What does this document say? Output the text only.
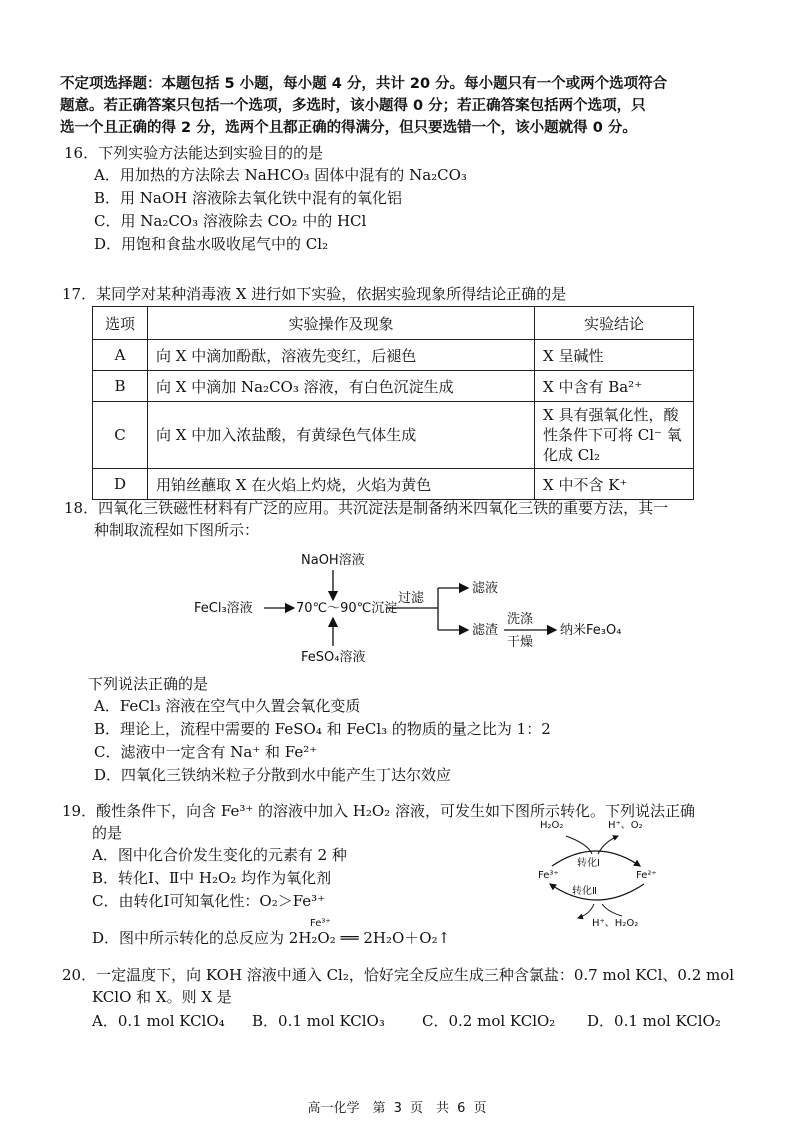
不定项选择题：本题包括 5 小题，每小题 4 分，共计 20 分。每小题只有一个或两个选项符合
题意。若正确答案只包括一个选项，多选时，该小题得 0 分；若正确答案包括两个选项，只
选一个且正确的得 2 分，选两个且都正确的得满分，但只要选错一个，该小题就得 0 分。
16．下列实验方法能达到实验目的的是
A．用加热的方法除去 NaHCO₃ 固体中混有的 Na₂CO₃
B．用 NaOH 溶液除去氧化铁中混有的氧化铝
C．用 Na₂CO₃ 溶液除去 CO₂ 中的 HCl
D．用饱和食盐水吸收尾气中的 Cl₂
17．某同学对某种消毒液 X 进行如下实验，依据实验现象所得结论正确的是
选项	实验操作及现象	实验结论
A	向 X 中滴加酚酞，溶液先变红，后褪色	X 呈碱性
B	向 X 中滴加 Na₂CO₃ 溶液，有白色沉淀生成	X 中含有 Ba²⁺
C	向 X 中加入浓盐酸，有黄绿色气体生成	X 具有强氧化性，酸性条件下可将 Cl⁻ 氧化成 Cl₂
D	用铂丝蘸取 X 在火焰上灼烧，火焰为黄色	X 中不含 K⁺
18．四氧化三铁磁性材料有广泛的应用。共沉淀法是制备纳米四氧化三铁的重要方法，其一
种制取流程如下图所示：
NaOH溶液
FeCl₃溶液	70℃～90℃沉淀
过滤
滤液
滤渣
洗涤
干燥
纳米Fe₃O₄
FeSO₄溶液
下列说法正确的是
A．FeCl₃ 溶液在空气中久置会氧化变质
B．理论上，流程中需要的 FeSO₄ 和 FeCl₃ 的物质的量之比为 1：2
C．滤液中一定含有 Na⁺ 和 Fe²⁺
D．四氧化三铁纳米粒子分散到水中能产生丁达尔效应
19．酸性条件下，向含 Fe³⁺ 的溶液中加入 H₂O₂ 溶液，可发生如下图所示转化。下列说法正确
的是
A．图中化合价发生变化的元素有 2 种
B．转化Ⅰ、Ⅱ中 H₂O₂ 均作为氧化剂
C．由转化Ⅰ可知氧化性：O₂＞Fe³⁺
D．图中所示转化的总反应为 2H₂O₂ ══ 2H₂O＋O₂↑
Fe³⁺
H₂O₂	H⁺、O₂
转化Ⅰ
Fe³⁺	Fe²⁺
转化Ⅱ
H⁺、H₂O₂
20．一定温度下，向 KOH 溶液中通入 Cl₂，恰好完全反应生成三种含氯盐：0.7 mol KCl、0.2 mol
KClO 和 X。则 X 是
A．0.1 mol KClO₄	B．0.1 mol KClO₃	C．0.2 mol KClO₂	D．0.1 mol KClO₂
高一化学　第 3 页　共 6 页
